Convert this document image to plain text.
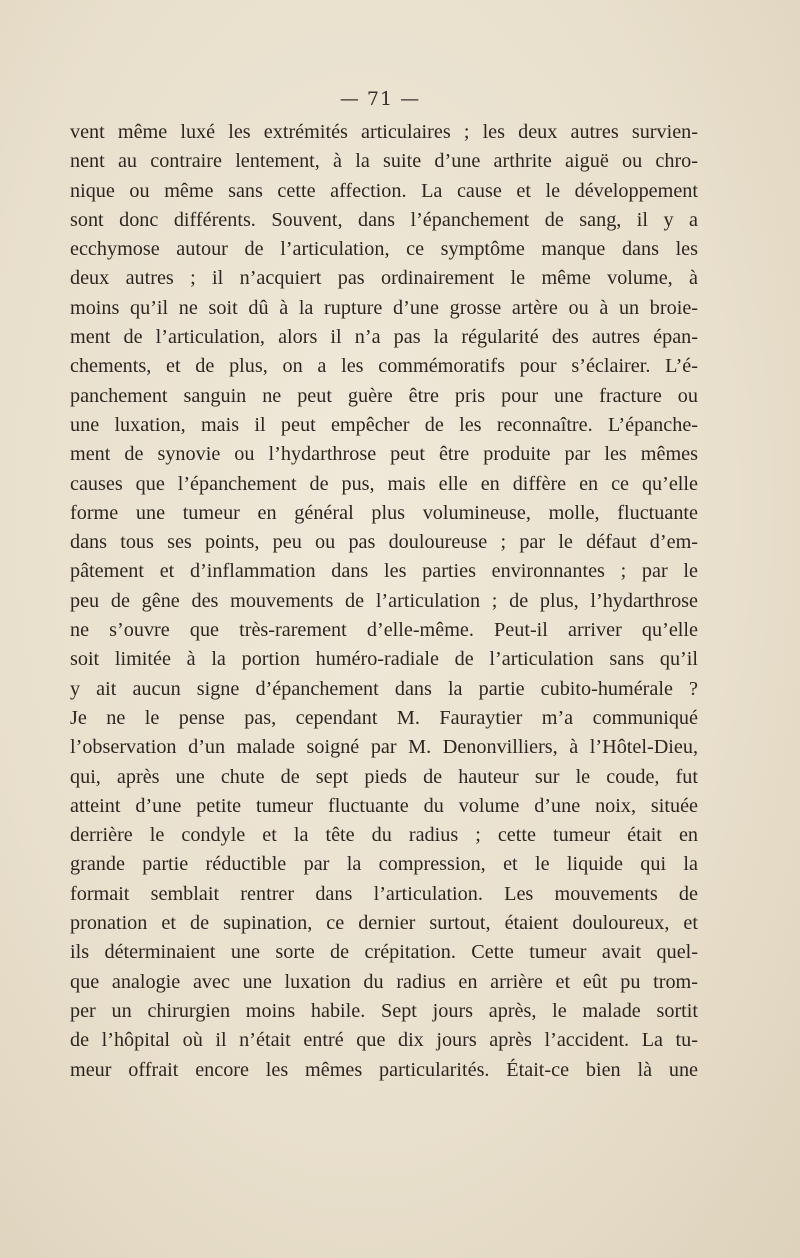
— 71 —
vent même luxé les extrémités articulaires ; les deux autres survien-
nent au contraire lentement, à la suite d’une arthrite aiguë ou chro-
nique ou même sans cette affection. La cause et le développement
sont donc différents. Souvent, dans l’épanchement de sang, il y a
ecchymose autour de l’articulation, ce symptôme manque dans les
deux autres ; il n’acquiert pas ordinairement le même volume, à
moins qu’il ne soit dû à la rupture d’une grosse artère ou à un broie-
ment de l’articulation, alors il n’a pas la régularité des autres épan-
chements, et de plus, on a les commémoratifs pour s’éclairer. L’é-
panchement sanguin ne peut guère être pris pour une fracture ou
une luxation, mais il peut empêcher de les reconnaître. L’épanche-
ment de synovie ou l’hydarthrose peut être produite par les mêmes
causes que l’épanchement de pus, mais elle en diffère en ce qu’elle
forme une tumeur en général plus volumineuse, molle, fluctuante
dans tous ses points, peu ou pas douloureuse ; par le défaut d’em-
pâtement et d’inflammation dans les parties environnantes ; par le
peu de gêne des mouvements de l’articulation ; de plus, l’hydarthrose
ne s’ouvre que très-rarement d’elle-même. Peut-il arriver qu’elle
soit limitée à la portion huméro-radiale de l’articulation sans qu’il
y ait aucun signe d’épanchement dans la partie cubito-humérale ?
Je ne le pense pas, cependant M. Fauraytier m’a communiqué
l’observation d’un malade soigné par M. Denonvilliers, à l’Hôtel-Dieu,
qui, après une chute de sept pieds de hauteur sur le coude, fut
atteint d’une petite tumeur fluctuante du volume d’une noix, située
derrière le condyle et la tête du radius ; cette tumeur était en
grande partie réductible par la compression, et le liquide qui la
formait semblait rentrer dans l’articulation. Les mouvements de
pronation et de supination, ce dernier surtout, étaient douloureux, et
ils déterminaient une sorte de crépitation. Cette tumeur avait quel-
que analogie avec une luxation du radius en arrière et eût pu trom-
per un chirurgien moins habile. Sept jours après, le malade sortit
de l’hôpital où il n’était entré que dix jours après l’accident. La tu-
meur offrait encore les mêmes particularités. Était-ce bien là une
